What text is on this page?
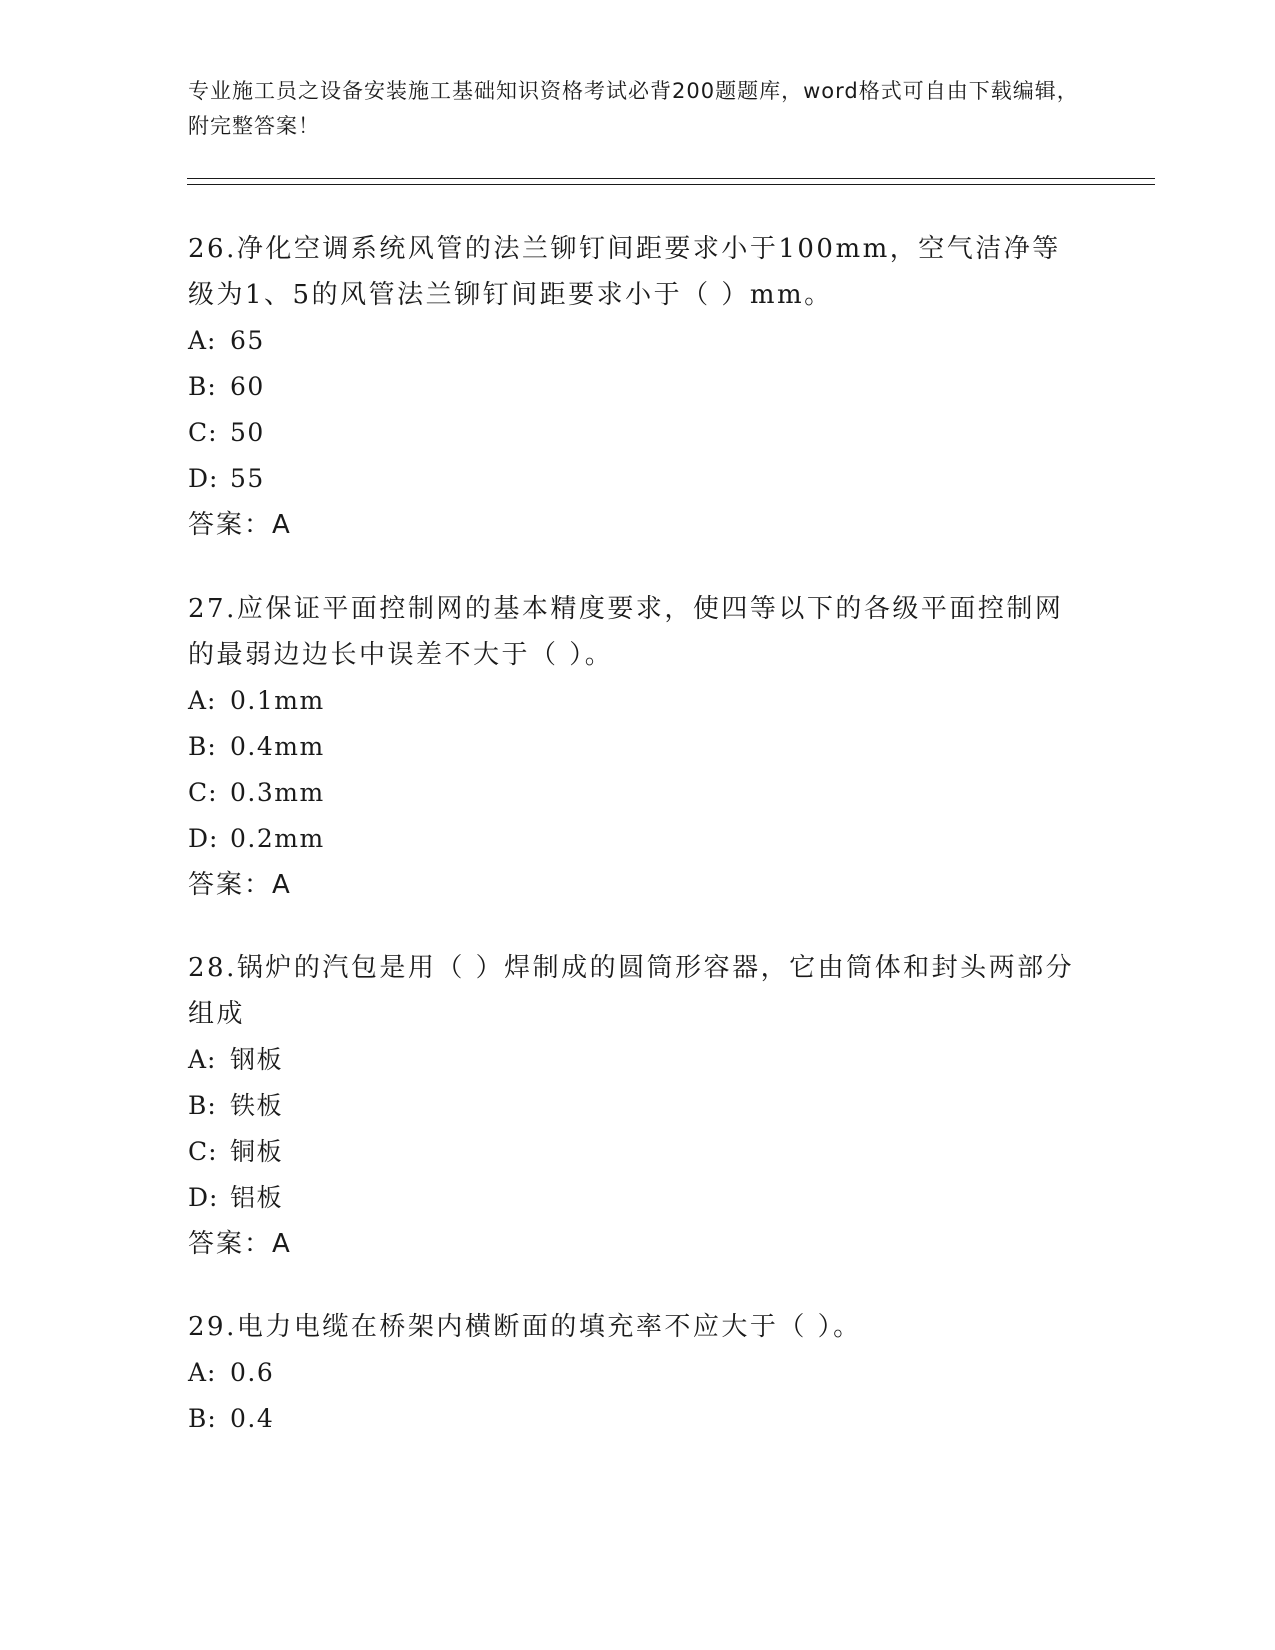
专业施工员之设备安装施工基础知识资格考试必背200题题库，word格式可自由下载编辑，附完整答案！
26.净化空调系统风管的法兰铆钉间距要求小于100mm，空气洁净等级为1、5的风管法兰铆钉间距要求小于（ ）mm。
A: 65
B: 60
C: 50
D: 55
答案：A
27.应保证平面控制网的基本精度要求，使四等以下的各级平面控制网的最弱边边长中误差不大于（ ）。
A: 0.1mm
B: 0.4mm
C: 0.3mm
D: 0.2mm
答案：A
28.锅炉的汽包是用（ ）焊制成的圆筒形容器，它由筒体和封头两部分组成
A: 钢板
B: 铁板
C: 铜板
D: 铝板
答案：A
29.电力电缆在桥架内横断面的填充率不应大于（ ）。
A: 0.6
B: 0.4
